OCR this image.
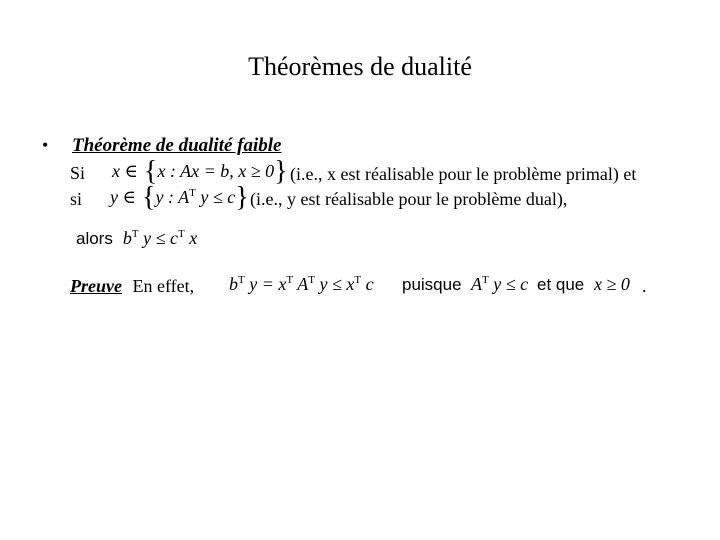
Théorèmes de dualité
• Théorème de dualité faible
Si x ∈ {x : Ax = b, x ≥ 0} (i.e., x est réalisable pour le problème primal) et
si y ∈ {y : $A^T$ y ≤ c} (i.e., y est réalisable pour le problème dual),
alors $b^T$ $y \le c^T$ x
Preuve En effet, $b^T$ $y = x^T$ $A^T$ $y \le x^T$ c puisque $A^T$ y ≤ c et que x ≥ 0 .
